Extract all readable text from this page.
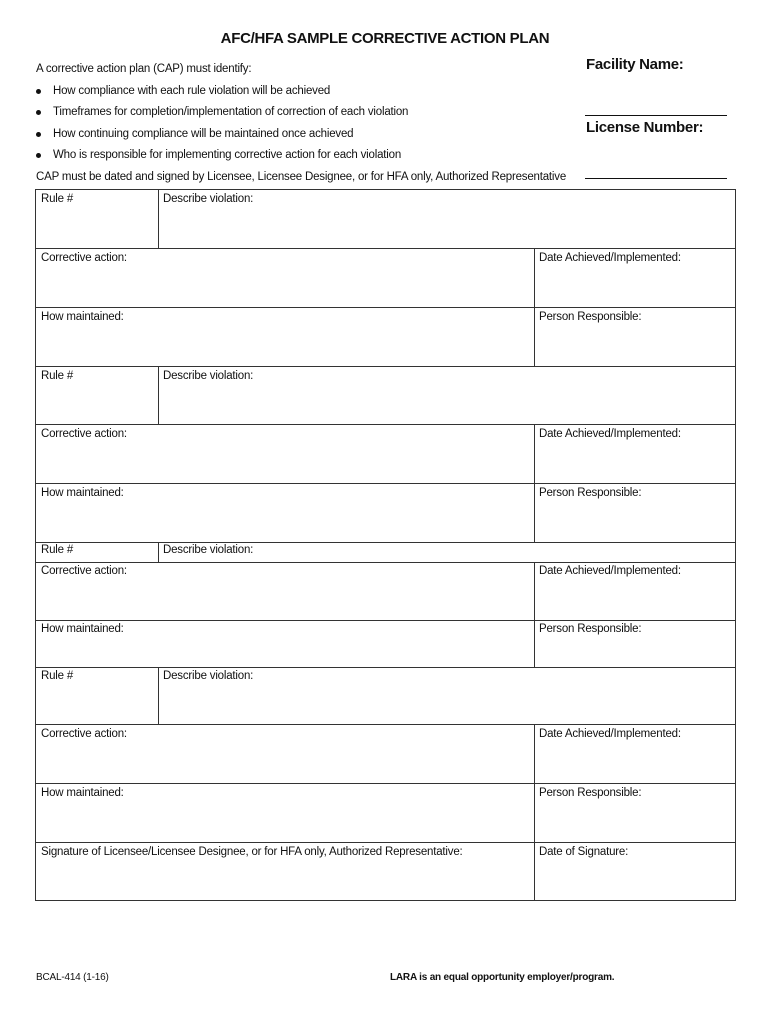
AFC/HFA SAMPLE CORRECTIVE ACTION PLAN
A corrective action plan (CAP) must identify:
How compliance with each rule violation will be achieved
Timeframes for completion/implementation of correction of each violation
How continuing compliance will be maintained once achieved
Who is responsible for implementing corrective action for each violation
CAP must be dated and signed by Licensee, Licensee Designee, or for HFA only, Authorized Representative
Facility Name:
License Number:
Rule #	Describe violation:
Corrective action:	Date Achieved/Implemented:
How maintained:	Person Responsible:
Rule #	Describe violation:
Corrective action:	Date Achieved/Implemented:
How maintained:	Person Responsible:
Rule #	Describe violation:
Corrective action:	Date Achieved/Implemented:
How maintained:	Person Responsible:
Rule #	Describe violation:
Corrective action:	Date Achieved/Implemented:
How maintained:	Person Responsible:
Signature of Licensee/Licensee Designee, or for HFA only, Authorized Representative:	Date of Signature:
BCAL-414 (1-16)	LARA is an equal opportunity employer/program.
